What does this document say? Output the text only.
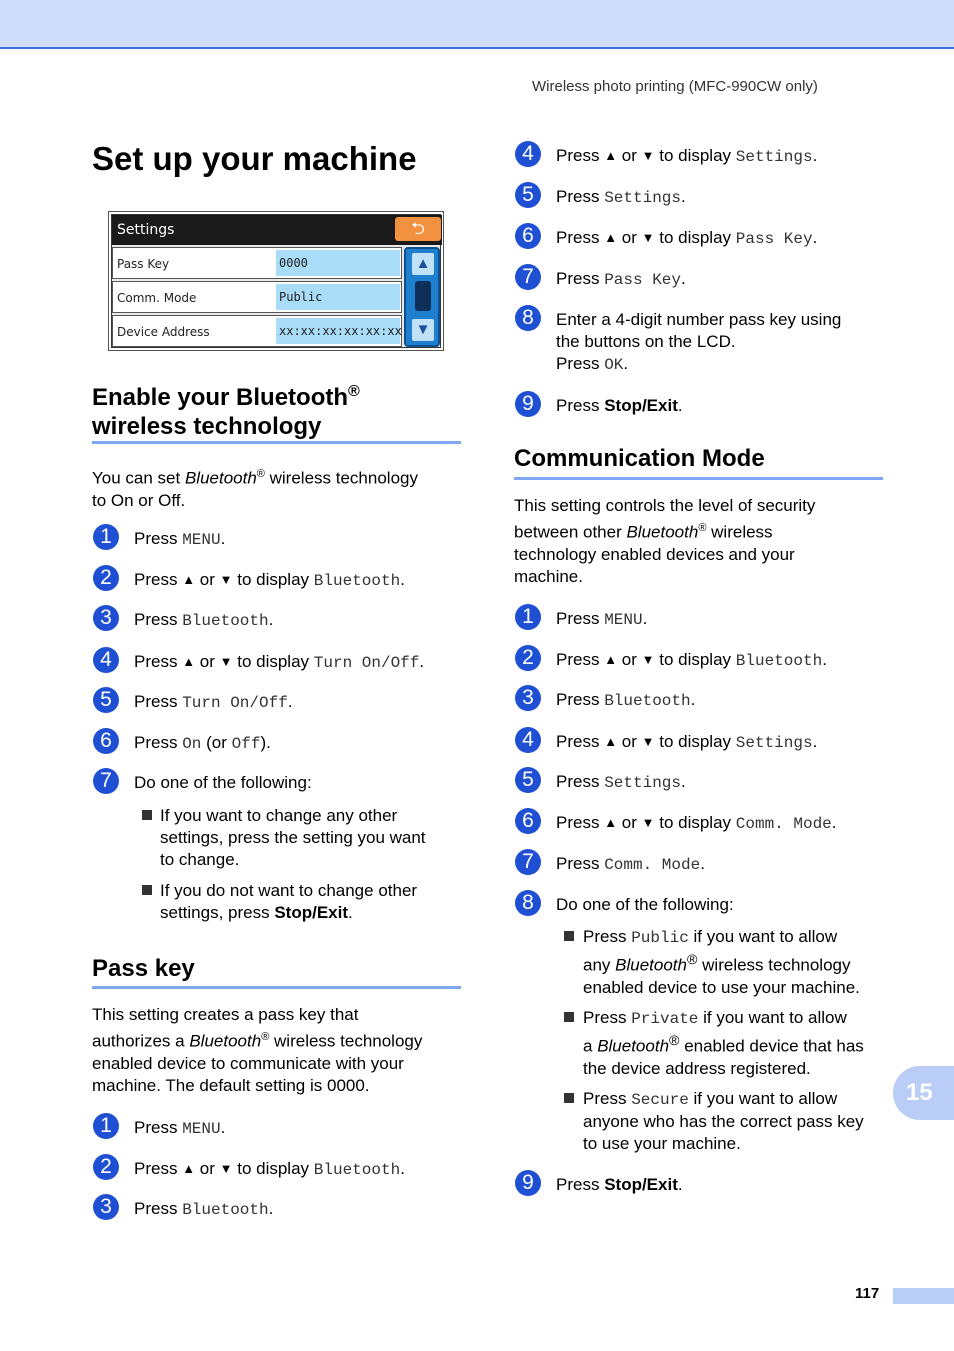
Wireless photo printing (MFC-990CW only)
Set up your machine
Settings	⮌
Pass Key	0000
Comm. Mode	Public
Device Address	xx:xx:xx:xx:xx:xx
▲
▼
Enable your Bluetooth®
wireless technology
You can set Bluetooth® wireless technology
to On or Off.
1	Press MENU.
2	Press ▲ or ▼ to display Bluetooth.
3	Press Bluetooth.
4	Press ▲ or ▼ to display Turn On/Off.
5	Press Turn On/Off.
6	Press On (or Off).
7	Do one of the following:
If you want to change any other
settings, press the setting you want
to change.
If you do not want to change other
settings, press Stop/Exit.
Pass key
This setting creates a pass key that
authorizes a Bluetooth® wireless technology
enabled device to communicate with your
machine. The default setting is 0000.
1	Press MENU.
2	Press ▲ or ▼ to display Bluetooth.
3	Press Bluetooth.
4	Press ▲ or ▼ to display Settings.
5	Press Settings.
6	Press ▲ or ▼ to display Pass Key.
7	Press Pass Key.
8	Enter a 4-digit number pass key using
the buttons on the LCD.
Press OK.
9	Press Stop/Exit.
Communication Mode
This setting controls the level of security
between other Bluetooth® wireless
technology enabled devices and your
machine.
1	Press MENU.
2	Press ▲ or ▼ to display Bluetooth.
3	Press Bluetooth.
4	Press ▲ or ▼ to display Settings.
5	Press Settings.
6	Press ▲ or ▼ to display Comm. Mode.
7	Press Comm. Mode.
8	Do one of the following:
Press Public if you want to allow
any Bluetooth® wireless technology
enabled device to use your machine.
Press Private if you want to allow
a Bluetooth® enabled device that has
the device address registered.
Press Secure if you want to allow
anyone who has the correct pass key
to use your machine.
9	Press Stop/Exit.
15
117
